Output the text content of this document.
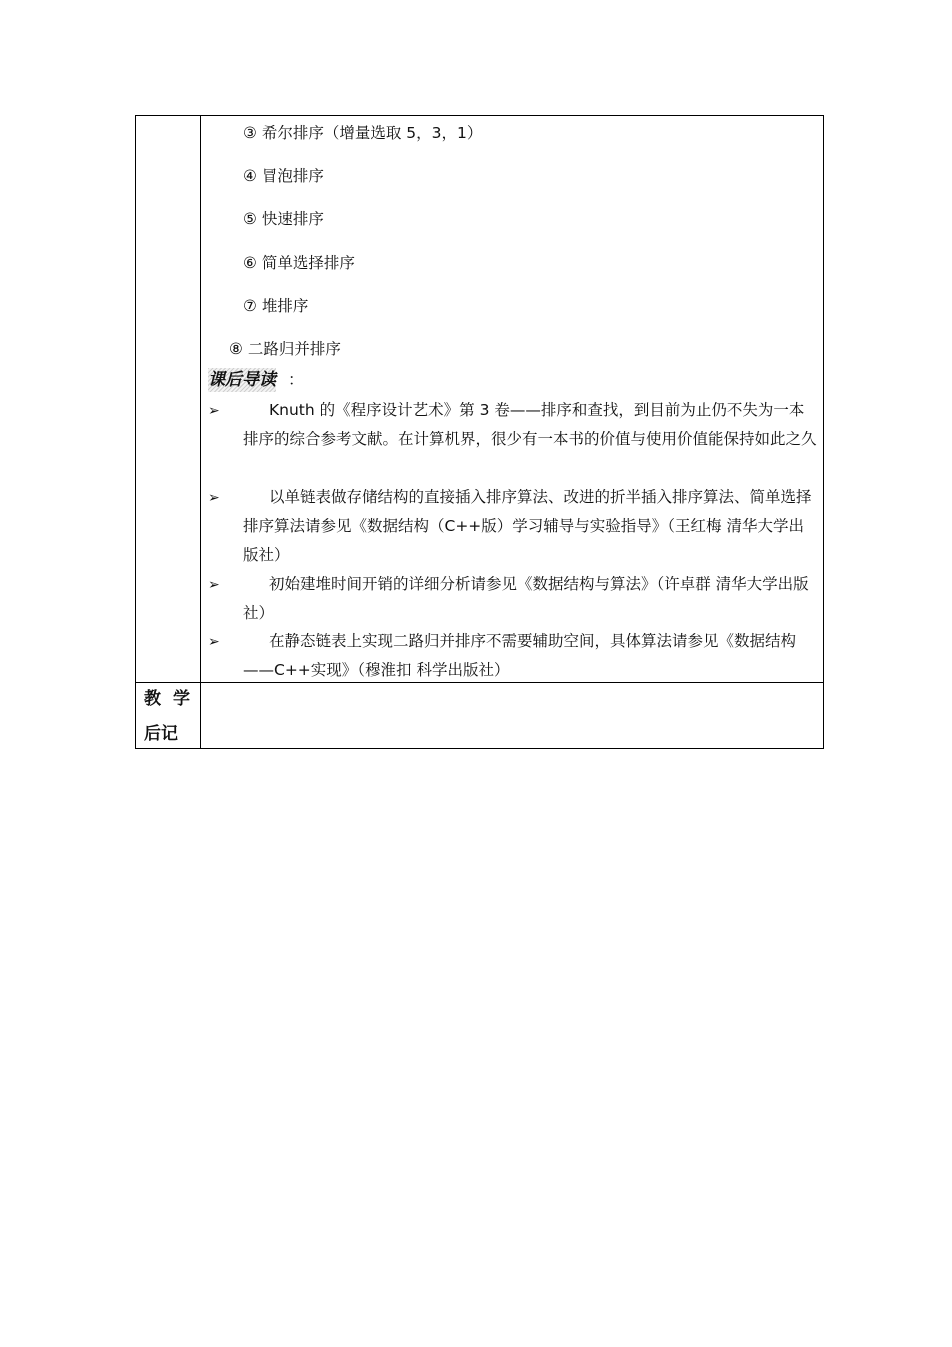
③ 希尔排序（增量选取 5，3，1）
④ 冒泡排序
⑤ 快速排序
⑥ 简单选择排序
⑦ 堆排序
⑧ 二路归并排序
课后导读 ：
➢	Knuth 的《程序设计艺术》第 3 卷——排序和查找，到目前为止仍不失为一本排序的综合参考文献。在计算机界，很少有一本书的价值与使用价值能保持如此之久
➢	以单链表做存储结构的直接插入排序算法、改进的折半插入排序算法、简单选择排序算法请参见《数据结构（C++版）学习辅导与实验指导》（王红梅 清华大学出版社）
➢	初始建堆时间开销的详细分析请参见《数据结构与算法》（许卓群 清华大学出版社）
➢	在静态链表上实现二路归并排序不需要辅助空间，具体算法请参见《数据结构——C++实现》（穆淮扣 科学出版社）
教学
后记
